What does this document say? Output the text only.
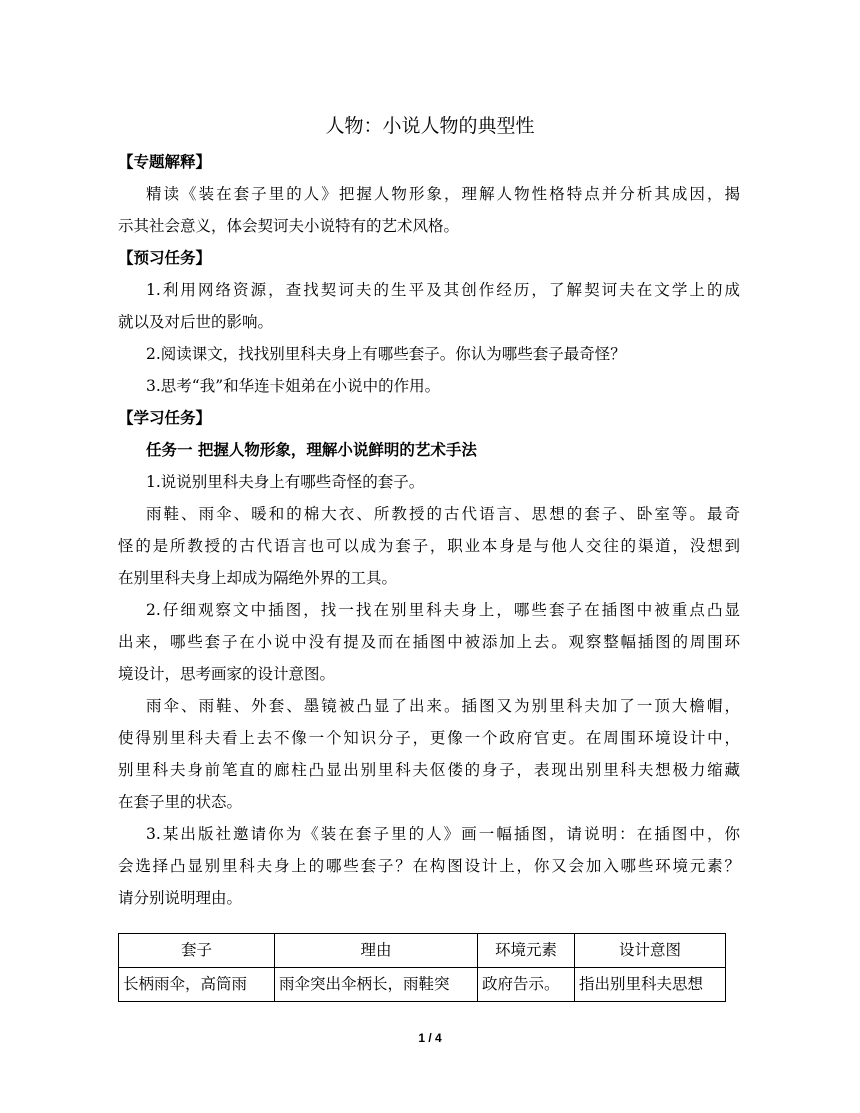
人物：小说人物的典型性
【专题解释】
精读《装在套子里的人》把握人物形象，理解人物性格特点并分析其成因，揭
示其社会意义，体会契诃夫小说特有的艺术风格。
【预习任务】
1.利用网络资源，查找契诃夫的生平及其创作经历，了解契诃夫在文学上的成
就以及对后世的影响。
2.阅读课文，找找别里科夫身上有哪些套子。你认为哪些套子最奇怪？
3.思考“我”和华连卡姐弟在小说中的作用。
【学习任务】
任务一 把握人物形象，理解小说鲜明的艺术手法
1.说说别里科夫身上有哪些奇怪的套子。
雨鞋、雨伞、暖和的棉大衣、所教授的古代语言、思想的套子、卧室等。最奇
怪的是所教授的古代语言也可以成为套子，职业本身是与他人交往的渠道，没想到
在别里科夫身上却成为隔绝外界的工具。
2.仔细观察文中插图，找一找在别里科夫身上，哪些套子在插图中被重点凸显
出来，哪些套子在小说中没有提及而在插图中被添加上去。观察整幅插图的周围环
境设计，思考画家的设计意图。
雨伞、雨鞋、外套、墨镜被凸显了出来。插图又为别里科夫加了一顶大檐帽，
使得别里科夫看上去不像一个知识分子，更像一个政府官吏。在周围环境设计中，
别里科夫身前笔直的廊柱凸显出别里科夫伛偻的身子，表现出别里科夫想极力缩藏
在套子里的状态。
3.某出版社邀请你为《装在套子里的人》画一幅插图，请说明：在插图中，你
会选择凸显别里科夫身上的哪些套子？在构图设计上，你又会加入哪些环境元素？
请分别说明理由。
套子	理由	环境元素	设计意图
长柄雨伞，高筒雨	雨伞突出伞柄长，雨鞋突	政府告示。	指出别里科夫思想
1 / 4
